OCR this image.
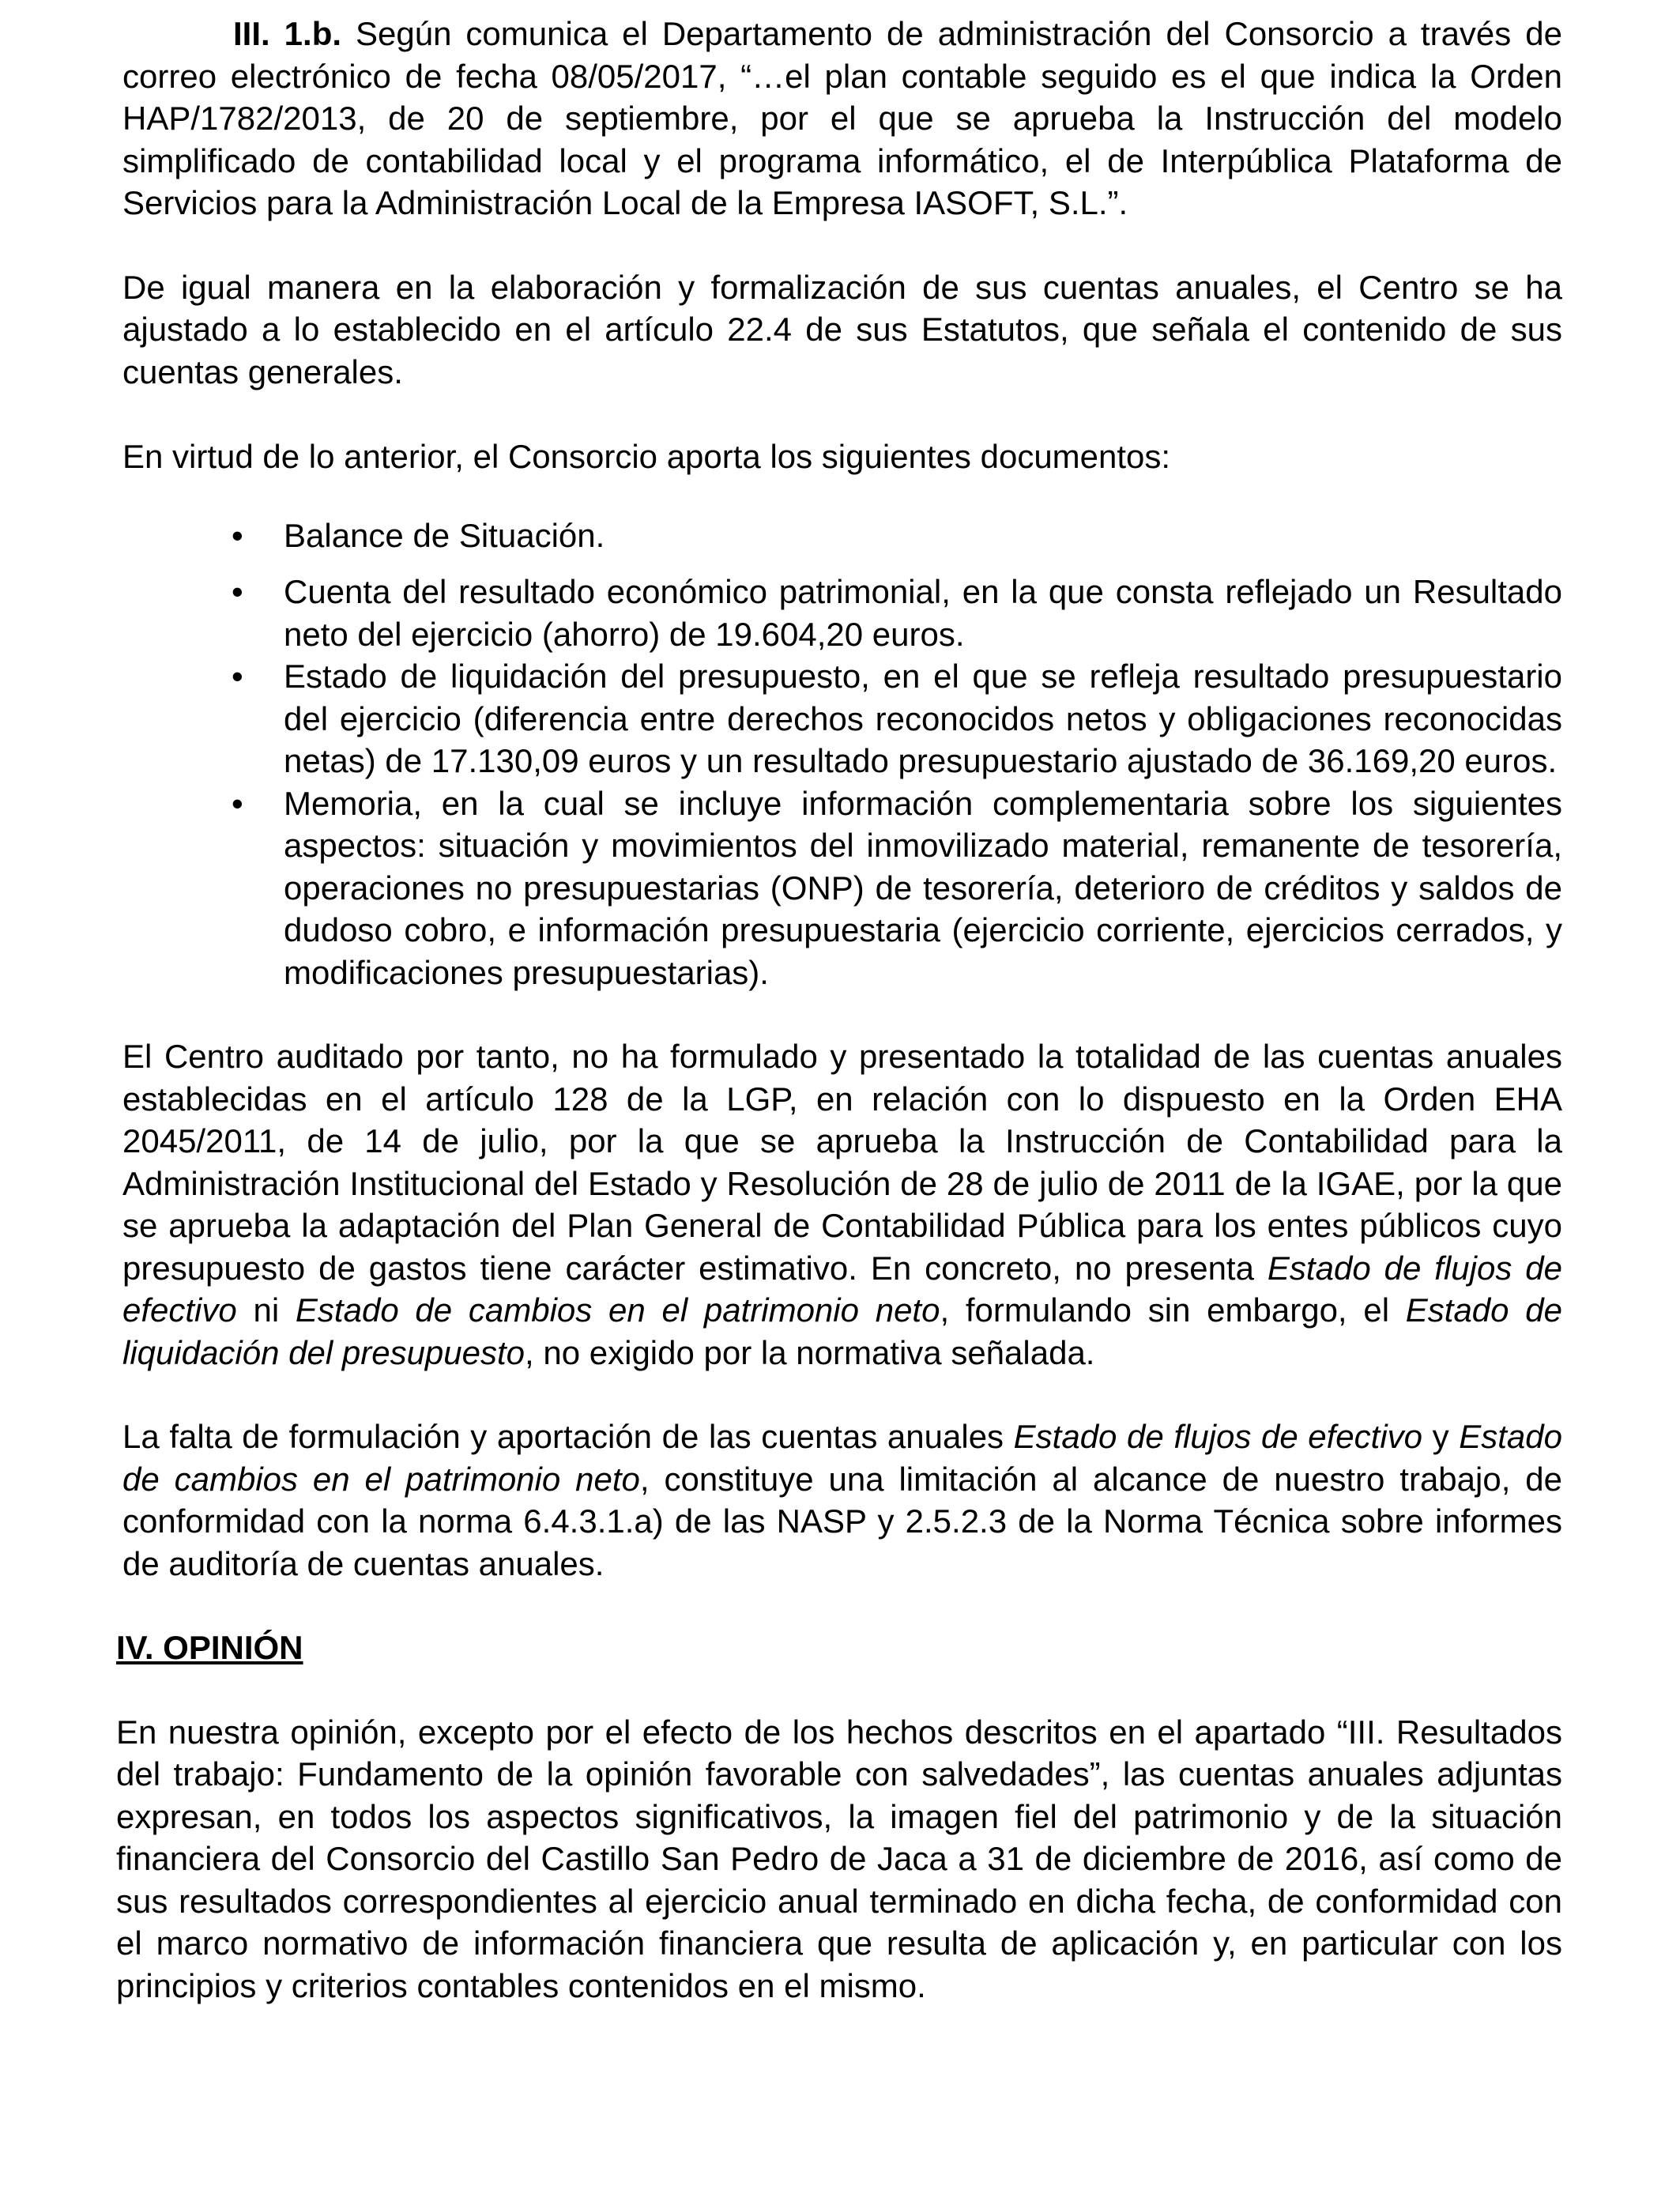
III. 1.b. Según comunica el Departamento de administración del Consorcio a través de correo electrónico de fecha 08/05/2017, “…el plan contable seguido es el que indica la Orden HAP/1782/2013, de 20 de septiembre, por el que se aprueba la Instrucción del modelo simplificado de contabilidad local y el programa informático, el de Interpública Plataforma de Servicios para la Administración Local de la Empresa IASOFT, S.L.”.

De igual manera en la elaboración y formalización de sus cuentas anuales, el Centro se ha ajustado a lo establecido en el artículo 22.4 de sus Estatutos, que señala el contenido de sus cuentas generales.

En virtud de lo anterior, el Consorcio aporta los siguientes documentos:

• Balance de Situación.
• Cuenta del resultado económico patrimonial, en la que consta reflejado un Resultado neto del ejercicio (ahorro) de 19.604,20 euros.
• Estado de liquidación del presupuesto, en el que se refleja resultado presupuestario del ejercicio (diferencia entre derechos reconocidos netos y obligaciones reconocidas netas) de 17.130,09 euros y un resultado presupuestario ajustado de 36.169,20 euros.
• Memoria, en la cual se incluye información complementaria sobre los siguientes aspectos: situación y movimientos del inmovilizado material, remanente de tesorería, operaciones no presupuestarias (ONP) de tesorería, deterioro de créditos y saldos de dudoso cobro, e información presupuestaria (ejercicio corriente, ejercicios cerrados, y modificaciones presupuestarias).

El Centro auditado por tanto, no ha formulado y presentado la totalidad de las cuentas anuales establecidas en el artículo 128 de la LGP, en relación con lo dispuesto en la Orden EHA 2045/2011, de 14 de julio, por la que se aprueba la Instrucción de Contabilidad para la Administración Institucional del Estado y Resolución de 28 de julio de 2011 de la IGAE, por la que se aprueba la adaptación del Plan General de Contabilidad Pública para los entes públicos cuyo presupuesto de gastos tiene carácter estimativo. En concreto, no presenta Estado de flujos de efectivo ni Estado de cambios en el patrimonio neto, formulando sin embargo, el Estado de liquidación del presupuesto, no exigido por la normativa señalada.

La falta de formulación y aportación de las cuentas anuales Estado de flujos de efectivo y Estado de cambios en el patrimonio neto, constituye una limitación al alcance de nuestro trabajo, de conformidad con la norma 6.4.3.1.a) de las NASP y 2.5.2.3 de la Norma Técnica sobre informes de auditoría de cuentas anuales.

IV. OPINIÓN

En nuestra opinión, excepto por el efecto de los hechos descritos en el apartado “III. Resultados del trabajo: Fundamento de la opinión favorable con salvedades”, las cuentas anuales adjuntas expresan, en todos los aspectos significativos, la imagen fiel del patrimonio y de la situación financiera del Consorcio del Castillo San Pedro de Jaca a 31 de diciembre de 2016, así como de sus resultados correspondientes al ejercicio anual terminado en dicha fecha, de conformidad con el marco normativo de información financiera que resulta de aplicación y, en particular con los principios y criterios contables contenidos en el mismo.
